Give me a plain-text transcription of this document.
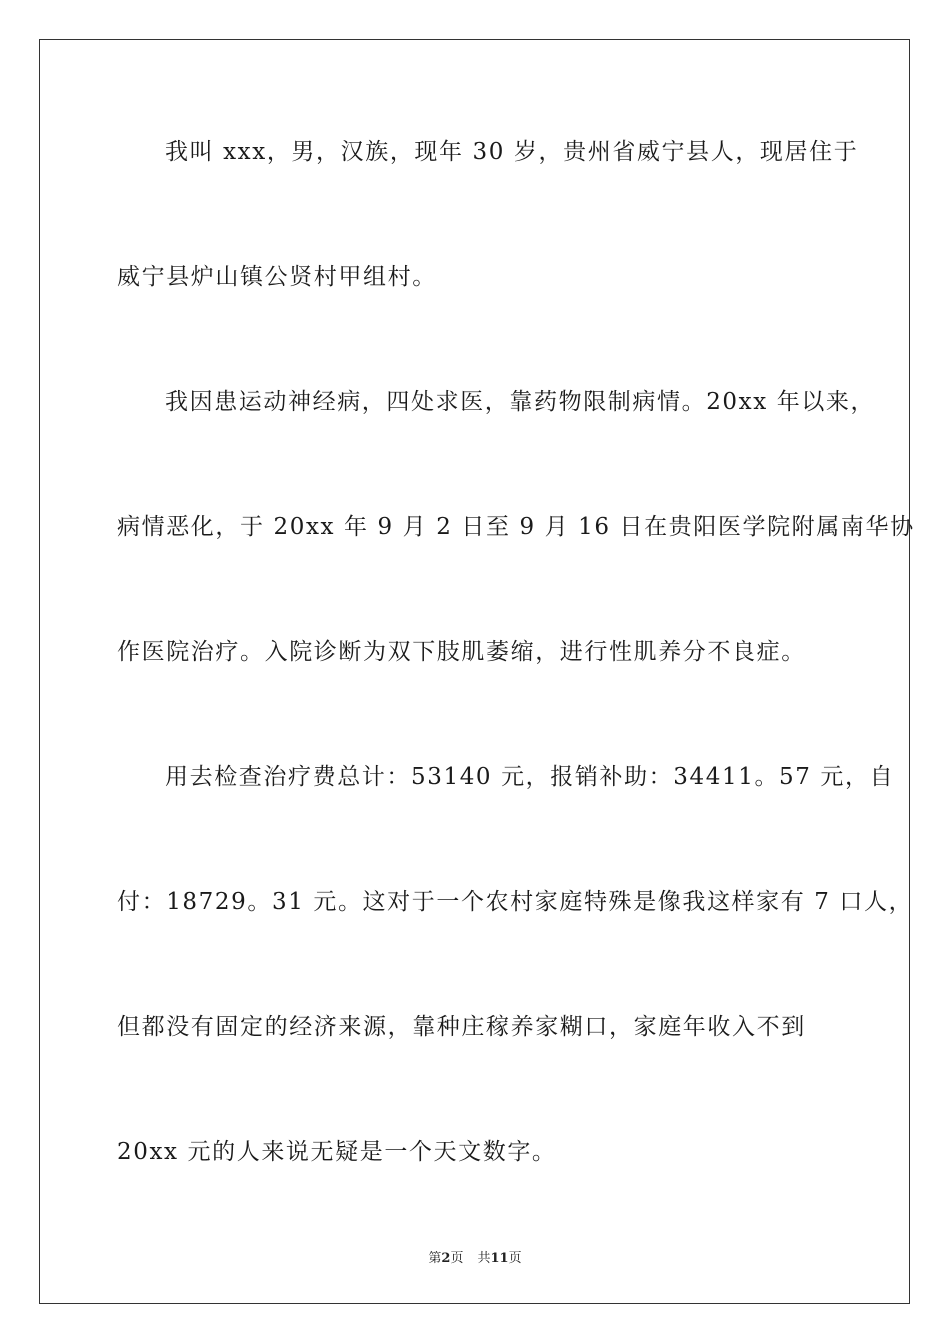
我叫 xxx，男，汉族，现年 30 岁，贵州省威宁县人，现居住于
威宁县炉山镇公贤村甲组村。
我因患运动神经病，四处求医，靠药物限制病情。20xx 年以来，
病情恶化，于 20xx 年 9 月 2 日至 9 月 16 日在贵阳医学院附属南华协
作医院治疗。入院诊断为双下肢肌萎缩，进行性肌养分不良症。
用去检查治疗费总计：53140 元，报销补助：34411。57 元，自
付：18729。31 元。这对于一个农村家庭特殊是像我这样家有 7 口人，
但都没有固定的经济来源，靠种庄稼养家糊口，家庭年收入不到
20xx 元的人来说无疑是一个天文数字。
第2页 共11页
